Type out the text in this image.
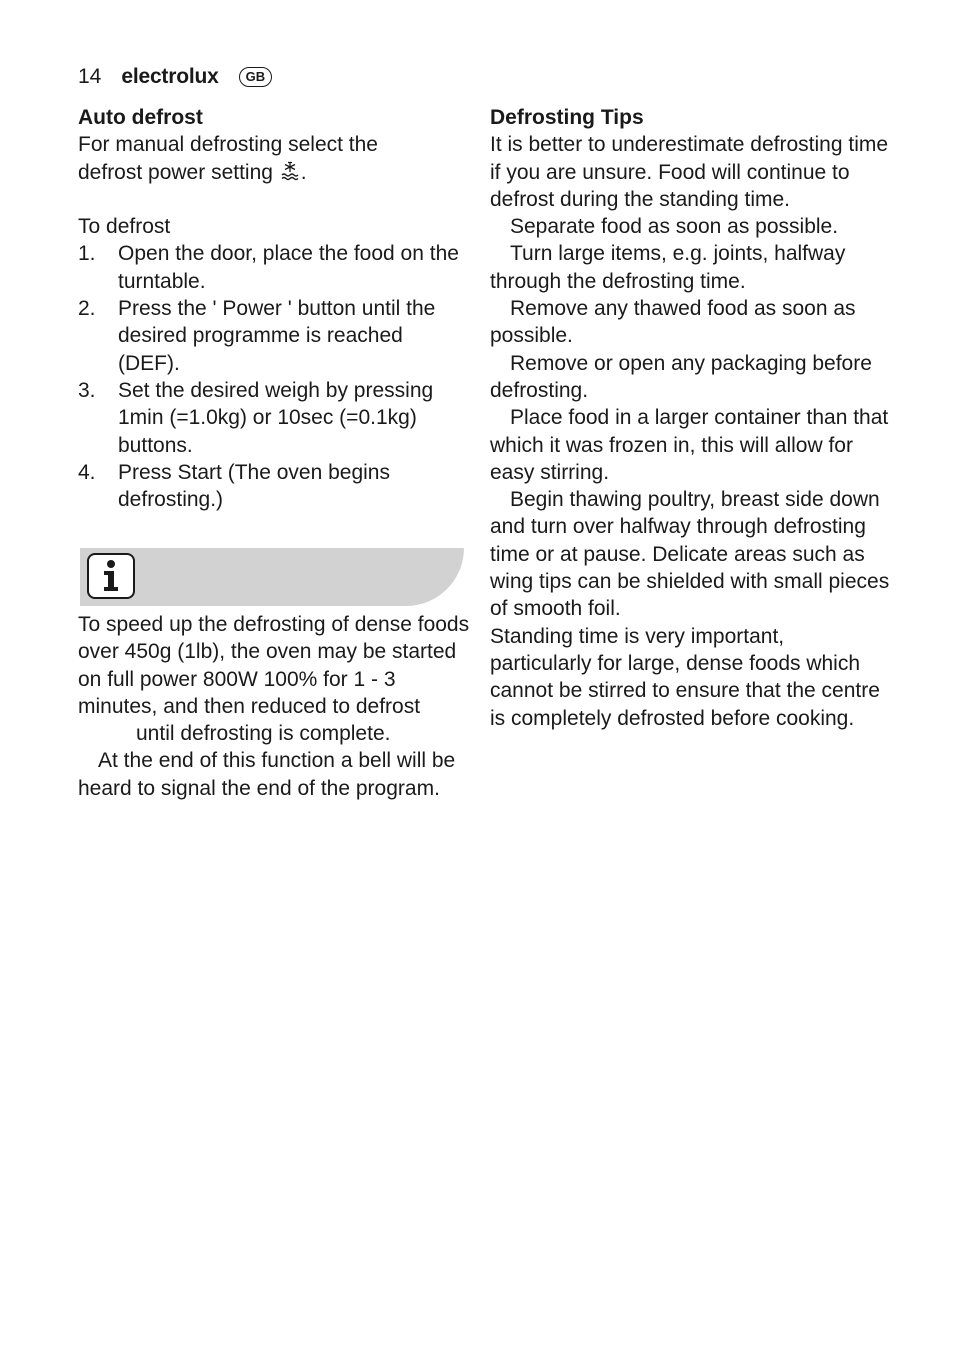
14 electrolux	GB
Auto defrost

For manual defrosting select the

defrost power setting .

To defrost

1.	Open the door, place the food on the turntable.
2.	Press the ' Power ' button until the desired programme is reached (DEF).
3.	Set the desired weigh by pressing 1min (=1.0kg) or 10sec (=0.1kg) buttons.
4.	Press Start (The oven begins defrosting.)

To speed up the defrosting of dense foods over 450g (1lb), the oven may be started on full power 800W 100% for 1 - 3 minutes, and then reduced to defrostuntil defrosting is complete.

At the end of this function a bell will be heard to signal the end of the program.

Defrosting Tips

It is better to underestimate defrosting time if you are unsure. Food will continue to defrost during the standing time.

Separate food as soon as possible.

Turn large items, e.g. joints, halfway through the defrosting time.

Remove any thawed food as soon as possible.

Remove or open any packaging before defrosting.

Place food in a larger container than that which it was frozen in, this will allow for easy stirring.

Begin thawing poultry, breast side down and turn over halfway through defrosting time or at pause. Delicate areas such as wing tips can be shielded with small pieces of smooth foil.

Standing time is very important, particularly for large, dense foods which cannot be stirred to ensure that the centre is completely defrosted before cooking.
